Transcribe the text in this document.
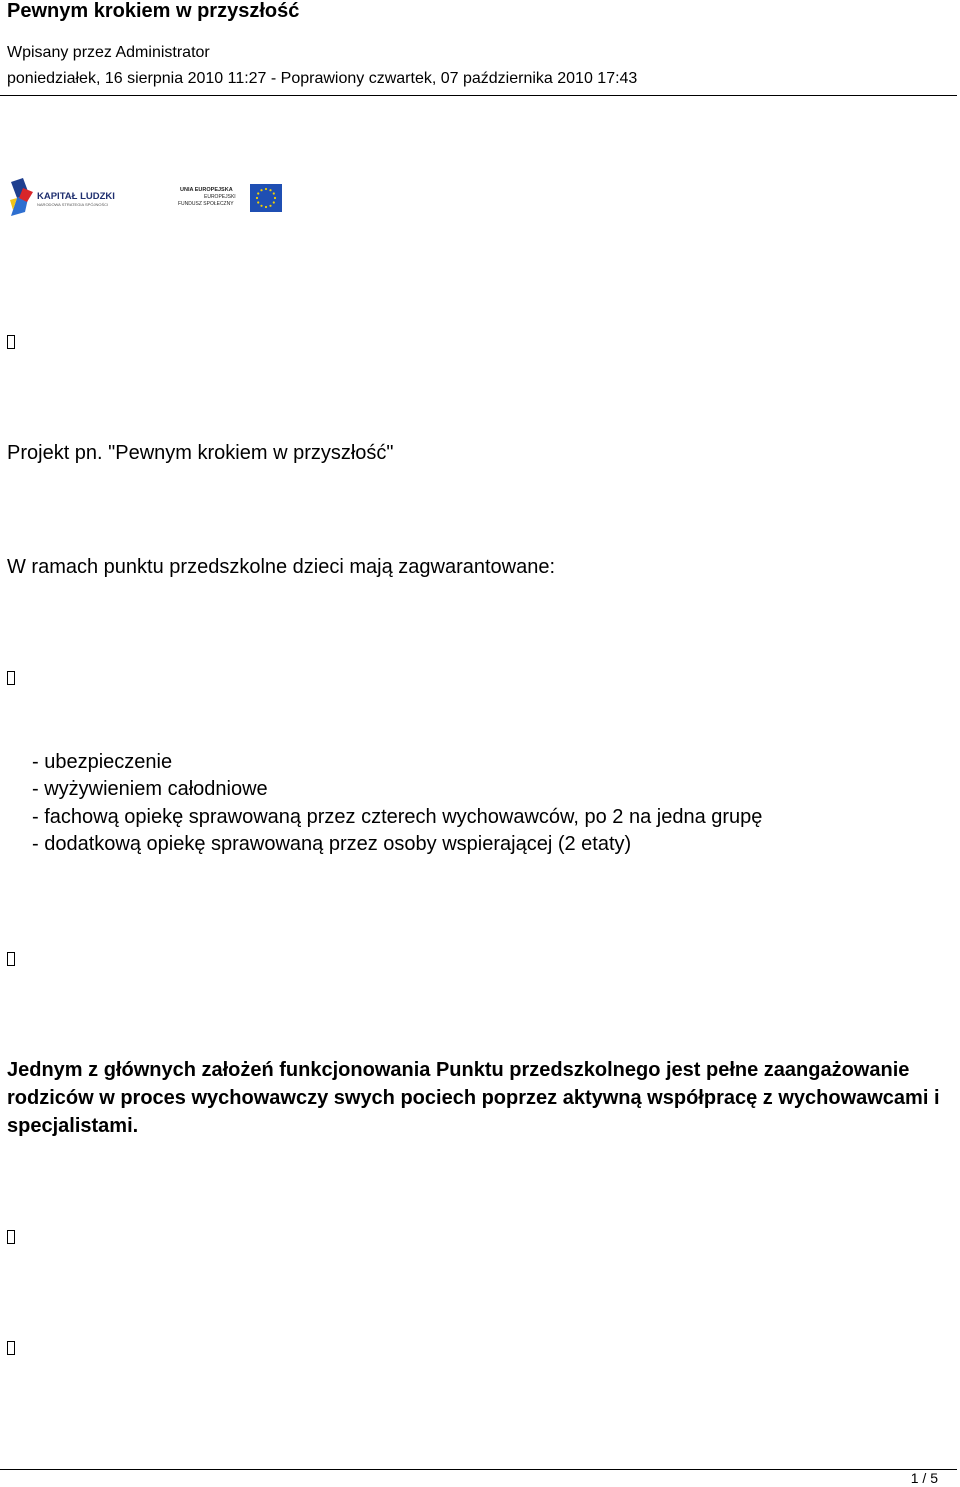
Pewnym krokiem w przyszłość
Wpisany przez Administrator
poniedziałek, 16 sierpnia 2010 11:27 - Poprawiony czwartek, 07 października 2010 17:43
KAPITAŁ LUDZKI
NARODOWA STRATEGIA SPÓJNOŚCI
UNIA EUROPEJSKA
EUROPEJSKI
FUNDUSZ SPOŁECZNY
Projekt pn. "Pewnym krokiem w przyszłość"
W ramach punktu przedszkolne dzieci mają zagwarantowane:
- ubezpieczenie
- wyżywieniem całodniowe
- fachową opiekę sprawowaną przez czterech wychowawców, po 2 na jedna grupę
- dodatkową opiekę sprawowaną przez osoby wspierającej (2 etaty)
Jednym z głównych założeń funkcjonowania Punktu przedszkolnego jest pełne zaangażowanie rodziców w proces wychowawczy swych pociech poprzez aktywną współpracę z wychowawcami i specjalistami.
1 / 5
